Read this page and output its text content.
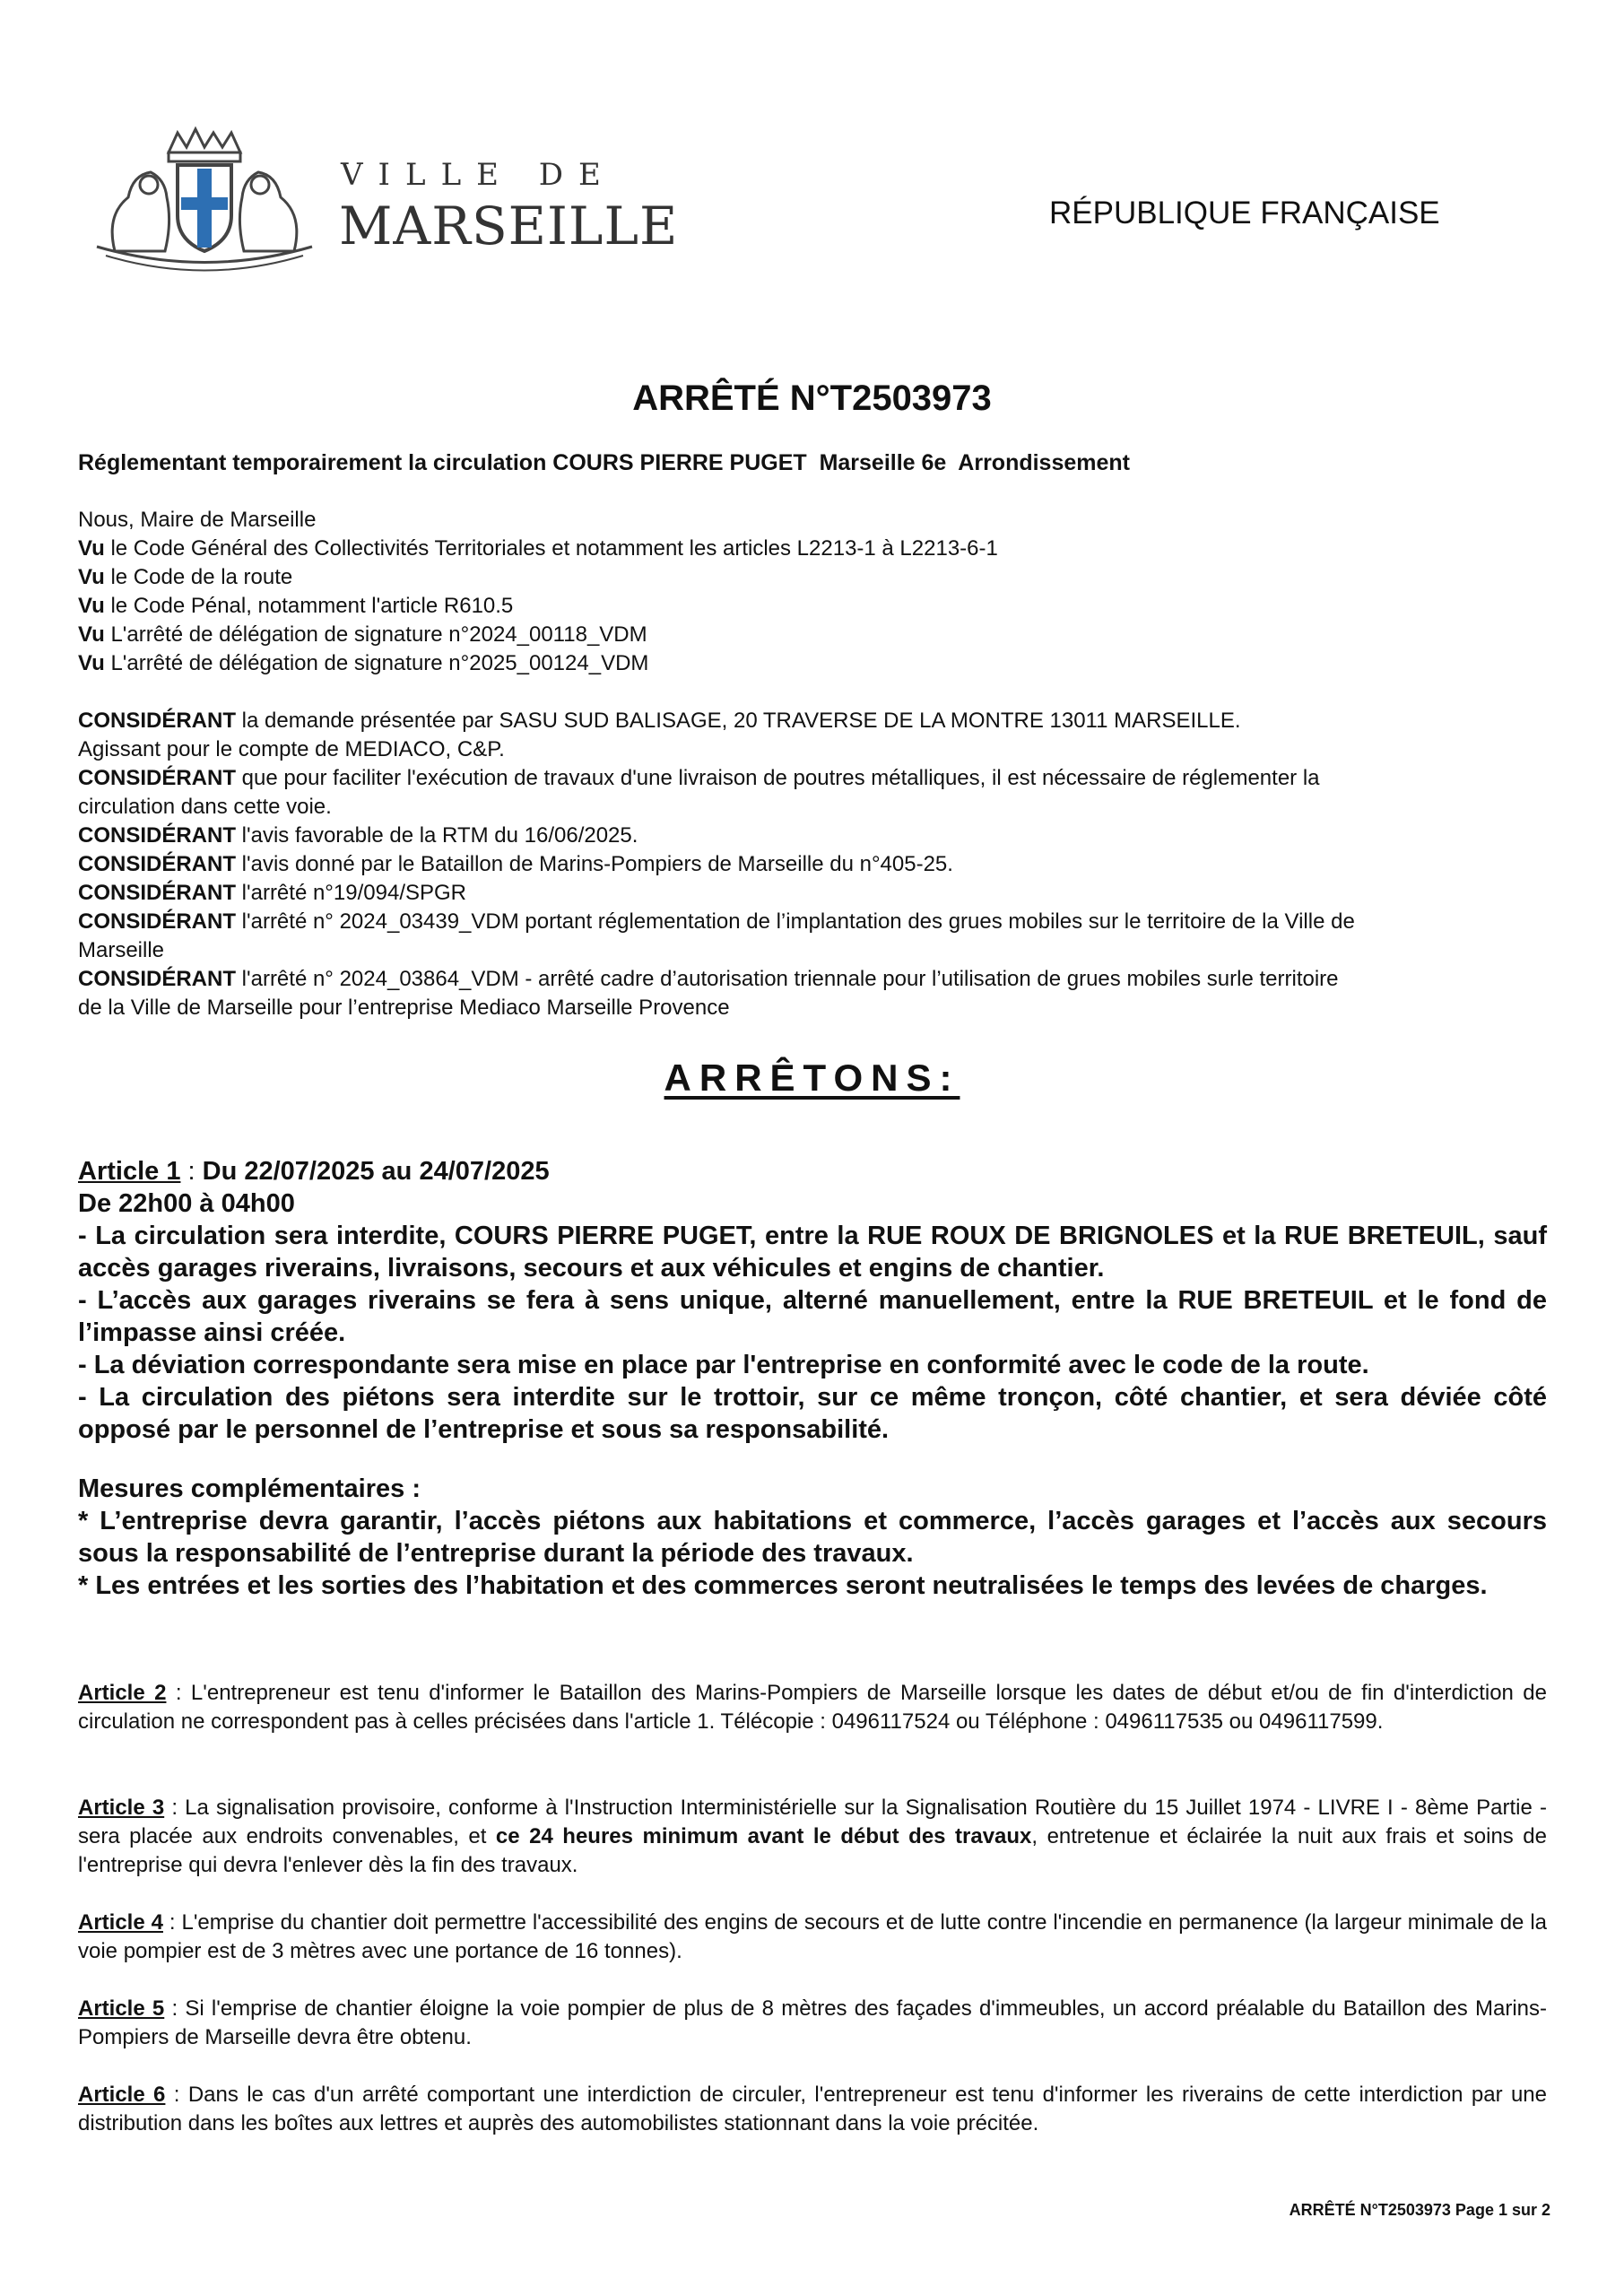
VILLE DE
MARSEILLE	RÉPUBLIQUE FRANÇAISE
ARRÊTÉ N°T2503973
Réglementant temporairement la circulation COURS PIERRE PUGET  Marseille 6e  Arrondissement
Nous, Maire de Marseille
Vu le Code Général des Collectivités Territoriales et notamment les articles L2213-1 à L2213-6-1
Vu le Code de la route
Vu le Code Pénal, notamment l'article R610.5
Vu L'arrêté de délégation de signature n°2024_00118_VDM
Vu L'arrêté de délégation de signature n°2025_00124_VDM
CONSIDÉRANT la demande présentée par SASU SUD BALISAGE, 20 TRAVERSE DE LA MONTRE 13011 MARSEILLE.
Agissant pour le compte de MEDIACO, C&P.
CONSIDÉRANT que pour faciliter l'exécution de travaux d'une livraison de poutres métalliques, il est nécessaire de réglementer la
circulation dans cette voie.
CONSIDÉRANT l'avis favorable de la RTM du 16/06/2025.
CONSIDÉRANT l'avis donné par le Bataillon de Marins-Pompiers de Marseille du n°405-25.
CONSIDÉRANT l'arrêté n°19/094/SPGR
CONSIDÉRANT l'arrêté n° 2024_03439_VDM portant réglementation de l’implantation des grues mobiles sur le territoire de la Ville de
Marseille
CONSIDÉRANT l'arrêté n° 2024_03864_VDM - arrêté cadre d’autorisation triennale pour l’utilisation de grues mobiles surle territoire
de la Ville de Marseille pour l’entreprise Mediaco Marseille Provence
ARRÊTONS:
Article 1 : Du 22/07/2025 au 24/07/2025
De 22h00 à 04h00
- La circulation sera interdite, COURS PIERRE PUGET, entre la RUE ROUX DE BRIGNOLES et la RUE BRETEUIL, sauf accès garages riverains, livraisons, secours et aux véhicules et engins de chantier.
- L’accès aux garages riverains se fera à sens unique, alterné manuellement, entre la RUE BRETEUIL et le fond de l’impasse ainsi créée.
- La déviation correspondante sera mise en place par l'entreprise en conformité avec le code de la route.
- La circulation des piétons sera interdite sur le trottoir, sur ce même tronçon, côté chantier, et sera déviée côté opposé par le personnel de l’entreprise et sous sa responsabilité.
Mesures complémentaires :
* L’entreprise devra garantir, l’accès piétons aux habitations et commerce, l’accès garages et l’accès aux secours sous la responsabilité de l’entreprise durant la période des travaux.
* Les entrées et les sorties des l’habitation et des commerces seront neutralisées le temps des levées de charges.
Article 2 : L'entrepreneur est tenu d'informer le Bataillon des Marins-Pompiers de Marseille lorsque les dates de début et/ou de fin d'interdiction de circulation ne correspondent pas à celles précisées dans l'article 1. Télécopie : 0496117524 ou Téléphone : 0496117535 ou 0496117599.
Article 3 : La signalisation provisoire, conforme à l'Instruction Interministérielle sur la Signalisation Routière du 15 Juillet 1974 - LIVRE I - 8ème Partie - sera placée aux endroits convenables, et ce 24 heures minimum avant le début des travaux, entretenue et éclairée la nuit aux frais et soins de l'entreprise qui devra l'enlever dès la fin des travaux.
Article 4 : L'emprise du chantier doit permettre l'accessibilité des engins de secours et de lutte contre l'incendie en permanence (la largeur minimale de la voie pompier est de 3 mètres avec une portance de 16 tonnes).
Article 5 : Si l'emprise de chantier éloigne la voie pompier de plus de 8 mètres des façades d'immeubles, un accord préalable du Bataillon des Marins-Pompiers de Marseille devra être obtenu.
Article 6 : Dans le cas d'un arrêté comportant une interdiction de circuler, l'entrepreneur est tenu d'informer les riverains de cette interdiction par une distribution dans les boîtes aux lettres et auprès des automobilistes stationnant dans la voie précitée.
ARRÊTÉ N°T2503973 Page 1 sur 2
